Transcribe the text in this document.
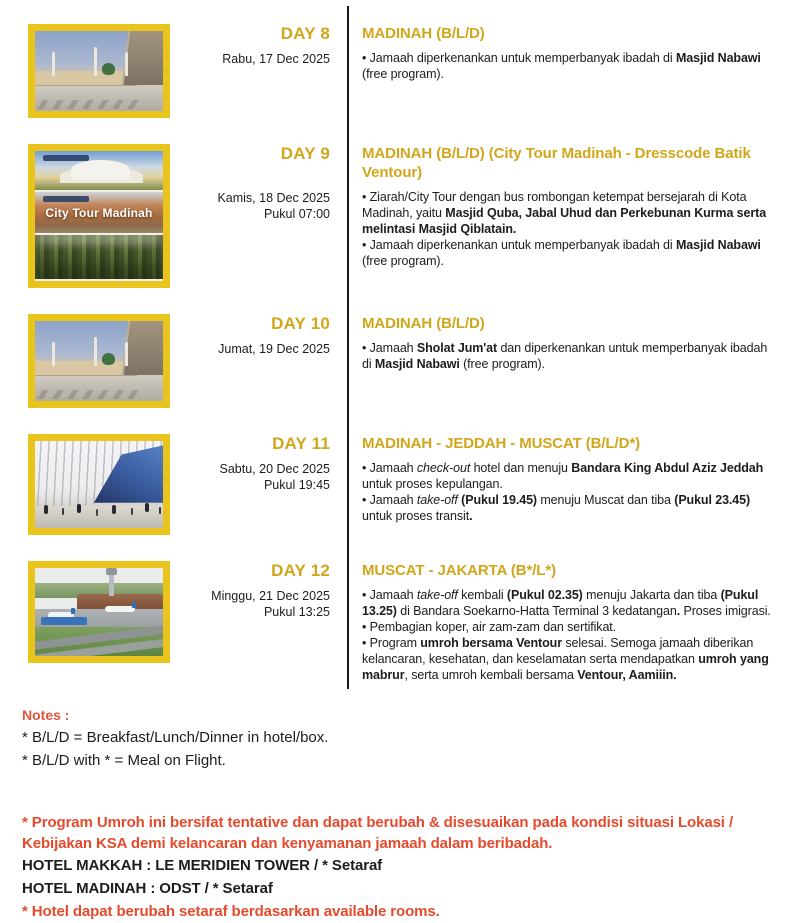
DAY 8	MADINAH (B/L/D)
Rabu, 17 Dec 2025	• Jamaah diperkenankan untuk memperbanyak ibadah di Masjid Nabawi (free program).

City Tour Madinah
DAY 9	MADINAH (B/L/D) (City Tour Madinah - Dresscode Batik Ventour)
Kamis, 18 Dec 2025
Pukul 07:00

• Ziarah/City Tour dengan bus rombongan ketempat bersejarah di Kota Madinah, yaitu Masjid Quba, Jabal Uhud dan Perkebunan Kurma serta melintasi Masjid Qiblatain.

• Jamaah diperkenankan untuk memperbanyak ibadah di Masjid Nabawi (free program).

DAY 10	MADINAH (B/L/D)
Jumat, 19 Dec 2025	• Jamaah Sholat Jum'at dan diperkenankan untuk memperbanyak ibadah di Masjid Nabawi (free program).

DAY 11	MADINAH - JEDDAH - MUSCAT (B/L/D*)
Sabtu, 20 Dec 2025
Pukul 19:45

• Jamaah check-out hotel dan menuju Bandara King Abdul Aziz Jeddah untuk proses kepulangan.

• Jamaah take-off (Pukul 19.45) menuju Muscat dan tiba (Pukul 23.45) untuk proses transit.

DAY 12	MUSCAT - JAKARTA (B*/L*)
Minggu, 21 Dec 2025
Pukul 13:25

• Jamaah take-off kembali (Pukul 02.35) menuju Jakarta dan tiba (Pukul 13.25) di Bandara Soekarno-Hatta Terminal 3 kedatangan. Proses imigrasi.

• Pembagian koper, air zam-zam dan sertifikat.

• Program umroh bersama Ventour selesai. Semoga jamaah diberikan kelancaran, kesehatan, dan keselamatan serta mendapatkan umroh yang mabrur, serta umroh kembali bersama Ventour, Aamiiin.

Notes :
* B/L/D = Breakfast/Lunch/Dinner in hotel/box.
* B/L/D with * = Meal on Flight.
* Program Umroh ini bersifat tentative dan dapat berubah & disesuaikan pada kondisi situasi Lokasi / Kebijakan KSA demi kelancaran dan kenyamanan jamaah dalam beribadah.
HOTEL MAKKAH : LE MERIDIEN TOWER / * Setaraf
HOTEL MADINAH : ODST / * Setaraf
* Hotel dapat berubah setaraf berdasarkan available rooms.
